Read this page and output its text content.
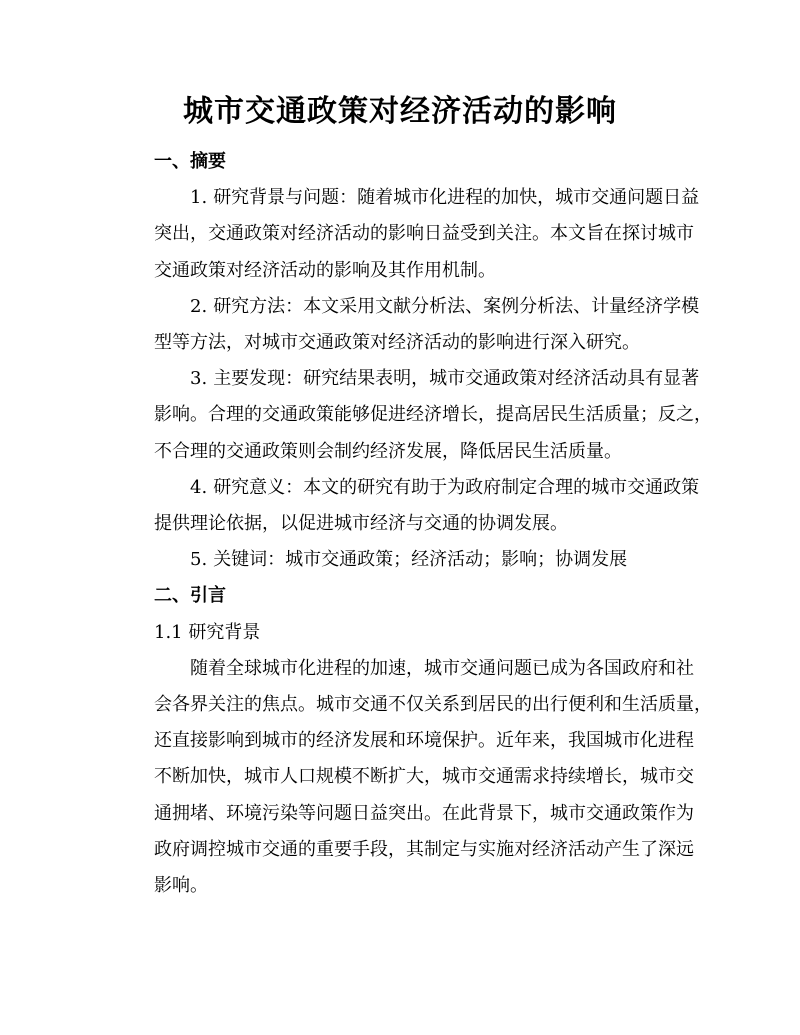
城市交通政策对经济活动的影响
一、摘要
1. 研究背景与问题：随着城市化进程的加快，城市交通问题日益
突出，交通政策对经济活动的影响日益受到关注。本文旨在探讨城市
交通政策对经济活动的影响及其作用机制。
2. 研究方法：本文采用文献分析法、案例分析法、计量经济学模
型等方法，对城市交通政策对经济活动的影响进行深入研究。
3. 主要发现：研究结果表明，城市交通政策对经济活动具有显著
影响。合理的交通政策能够促进经济增长，提高居民生活质量；反之，
不合理的交通政策则会制约经济发展，降低居民生活质量。
4. 研究意义：本文的研究有助于为政府制定合理的城市交通政策
提供理论依据，以促进城市经济与交通的协调发展。
5. 关键词：城市交通政策；经济活动；影响；协调发展
二、引言
1.1 研究背景
随着全球城市化进程的加速，城市交通问题已成为各国政府和社
会各界关注的焦点。城市交通不仅关系到居民的出行便利和生活质量，
还直接影响到城市的经济发展和环境保护。近年来，我国城市化进程
不断加快，城市人口规模不断扩大，城市交通需求持续增长，城市交
通拥堵、环境污染等问题日益突出。在此背景下，城市交通政策作为
政府调控城市交通的重要手段，其制定与实施对经济活动产生了深远
影响。
